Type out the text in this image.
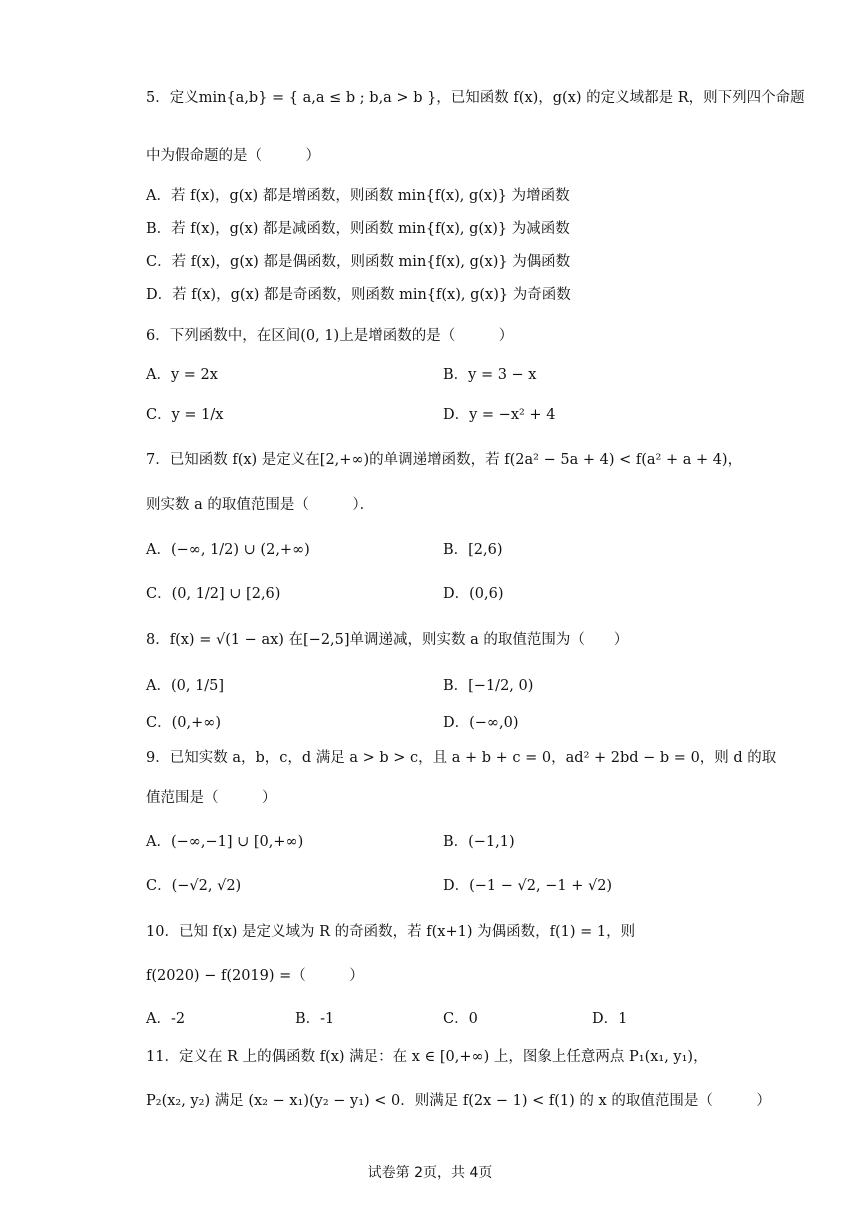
5．定义min{a,b} = { a,a ≤ b ; b,a > b }，已知函数 f(x)，g(x) 的定义域都是 R，则下列四个命题
中为假命题的是（　　　）
A．若 f(x)，g(x) 都是增函数，则函数 min{f(x), g(x)} 为增函数
B．若 f(x)，g(x) 都是减函数，则函数 min{f(x), g(x)} 为减函数
C．若 f(x)，g(x) 都是偶函数，则函数 min{f(x), g(x)} 为偶函数
D．若 f(x)，g(x) 都是奇函数，则函数 min{f(x), g(x)} 为奇函数
6．下列函数中，在区间(0, 1)上是增函数的是（　　　）
A．y = 2x	B．y = 3 − x
C．y = 1/x	D．y = −x² + 4
7．已知函数 f(x) 是定义在[2,+∞)的单调递增函数，若 f(2a² − 5a + 4) < f(a² + a + 4)，
则实数 a 的取值范围是（　　　）．
A．(−∞, 1/2) ∪ (2,+∞)	B．[2,6)
C．(0, 1/2] ∪ [2,6)	D．(0,6)
8．f(x) = √(1 − ax) 在[−2,5]单调递减，则实数 a 的取值范围为（　　）
A．(0, 1/5]	B．[−1/2, 0)
C．(0,+∞)	D．(−∞,0)
9．已知实数 a，b，c，d 满足 a > b > c，且 a + b + c = 0，ad² + 2bd − b = 0，则 d 的取
值范围是（　　　）
A．(−∞,−1] ∪ [0,+∞)	B．(−1,1)
C．(−√2, √2)	D．(−1 − √2, −1 + √2)
10．已知 f(x) 是定义域为 R 的奇函数，若 f(x+1) 为偶函数，f(1) = 1，则
f(2020) − f(2019) =（　　　）
A．-2	B．-1	C．0	D．1
11．定义在 R 上的偶函数 f(x) 满足：在 x ∈ [0,+∞) 上，图象上任意两点 P₁(x₁, y₁)，
P₂(x₂, y₂) 满足 (x₂ − x₁)(y₂ − y₁) < 0．则满足 f(2x − 1) < f(1) 的 x 的取值范围是（　　　）
试卷第 2页，共 4页
